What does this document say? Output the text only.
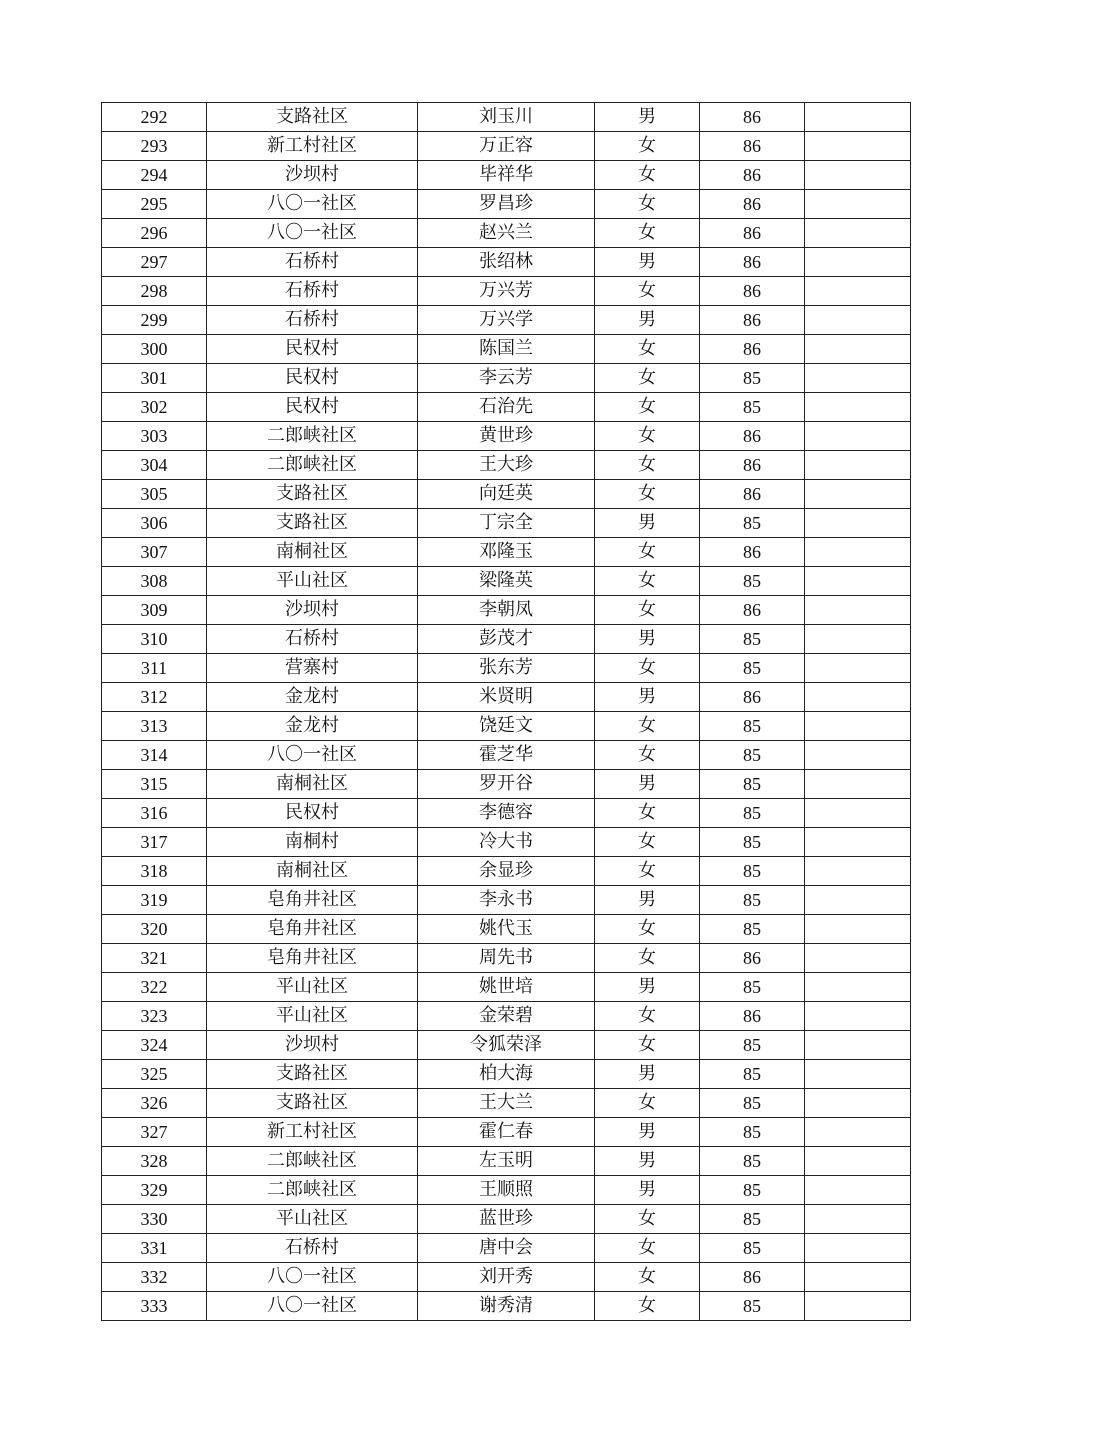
292	支路社区	刘玉川	男	86	
293	新工村社区	万正容	女	86	
294	沙坝村	毕祥华	女	86	
295	八〇一社区	罗昌珍	女	86	
296	八〇一社区	赵兴兰	女	86	
297	石桥村	张绍林	男	86	
298	石桥村	万兴芳	女	86	
299	石桥村	万兴学	男	86	
300	民权村	陈国兰	女	86	
301	民权村	李云芳	女	85	
302	民权村	石治先	女	85	
303	二郎峡社区	黄世珍	女	86	
304	二郎峡社区	王大珍	女	86	
305	支路社区	向廷英	女	86	
306	支路社区	丁宗全	男	85	
307	南桐社区	邓隆玉	女	86	
308	平山社区	梁隆英	女	85	
309	沙坝村	李朝凤	女	86	
310	石桥村	彭茂才	男	85	
311	营寨村	张东芳	女	85	
312	金龙村	米贤明	男	86	
313	金龙村	饶廷文	女	85	
314	八〇一社区	霍芝华	女	85	
315	南桐社区	罗开谷	男	85	
316	民权村	李德容	女	85	
317	南桐村	冷大书	女	85	
318	南桐社区	余显珍	女	85	
319	皂角井社区	李永书	男	85	
320	皂角井社区	姚代玉	女	85	
321	皂角井社区	周先书	女	86	
322	平山社区	姚世培	男	85	
323	平山社区	金荣碧	女	86	
324	沙坝村	令狐荣泽	女	85	
325	支路社区	柏大海	男	85	
326	支路社区	王大兰	女	85	
327	新工村社区	霍仁春	男	85	
328	二郎峡社区	左玉明	男	85	
329	二郎峡社区	王顺照	男	85	
330	平山社区	蓝世珍	女	85	
331	石桥村	唐中会	女	85	
332	八〇一社区	刘开秀	女	86	
333	八〇一社区	谢秀清	女	85	
